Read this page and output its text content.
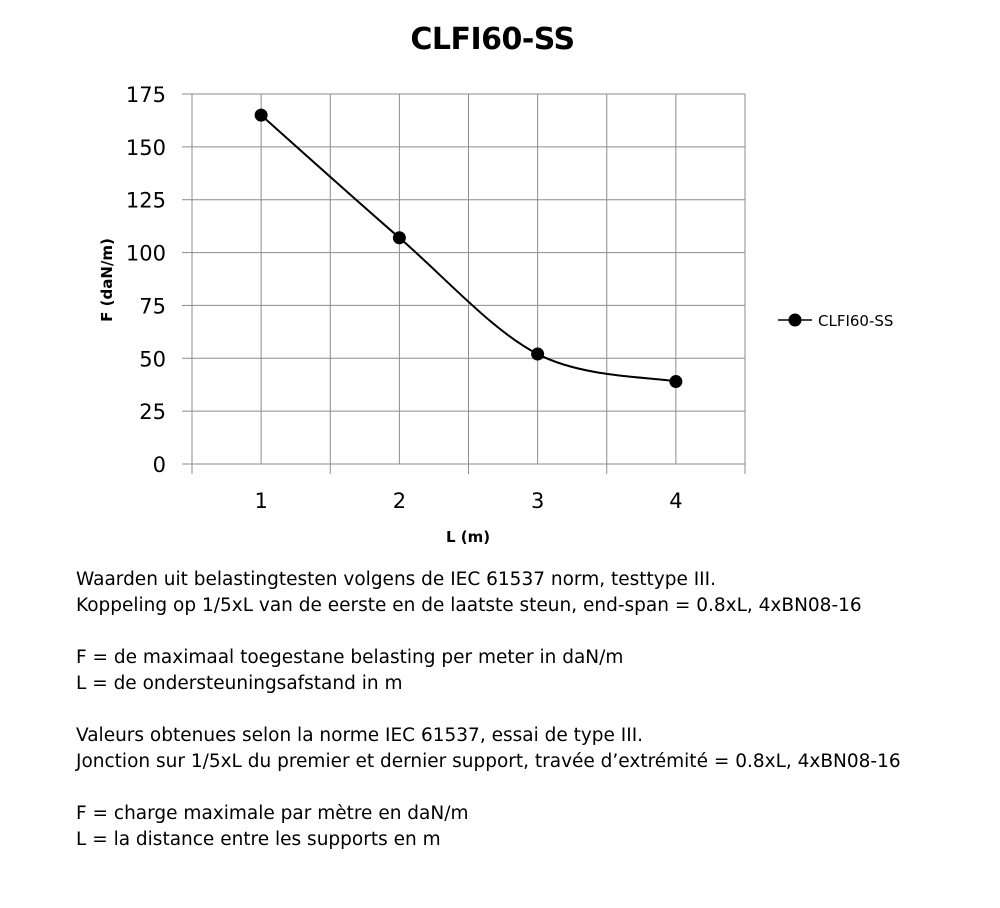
CLFI60-SS
0
25
50
75
100
125
150
175
1	2	3	4
F (daN/m)
L (m)
CLFI60-SS

Waarden uit belastingtesten volgens de IEC 61537 norm, testtype III.
Koppeling op 1/5xL van de eerste en de laatste steun, end-span = 0.8xL, 4xBN08-16

F = de maximaal toegestane belasting per meter in daN/m
L = de ondersteuningsafstand in m

Valeurs obtenues selon la norme IEC 61537, essai de type III.
Jonction sur 1/5xL du premier et dernier support, travée d’extrémité = 0.8xL, 4xBN08-16

F = charge maximale par mètre en daN/m
L = la distance entre les supports en m
